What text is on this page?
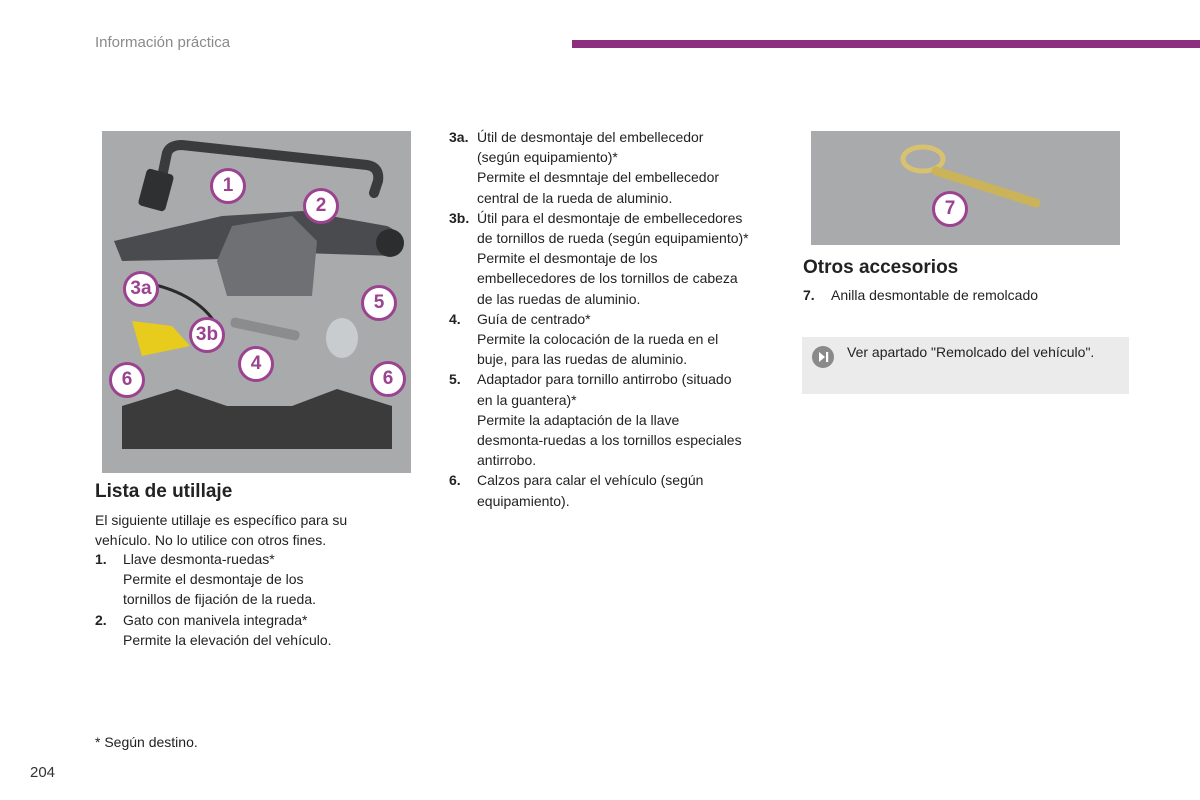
Información práctica
1
2
3a
5
3b
4
6	6
7
Lista de utillaje
El siguiente utillaje es específico para su vehículo. No lo utilice con otros fines.
1.	Llave desmonta-ruedas*
Permite el desmontaje de los
tornillos de fijación de la rueda.
2.	Gato con manivela integrada*
Permite la elevación del vehículo.
3a. Útil de desmontaje del embellecedor
(según equipamiento)*
Permite el desmntaje del embellecedor
central de la rueda de aluminio.
3b. Útil para el desmontaje de embellecedores
de tornillos de rueda (según equipamiento)*
Permite el desmontaje de los
embellecedores de los tornillos de cabeza
de las ruedas de aluminio.
4.	Guía de centrado*
Permite la colocación de la rueda en el
buje, para las ruedas de aluminio.
5.	Adaptador para tornillo antirrobo (situado
en la guantera)*
Permite la adaptación de la llave
desmonta-ruedas a los tornillos especiales
antirrobo.
6.	Calzos para calar el vehículo (según
equipamiento).
Otros accesorios
7.	Anilla desmontable de remolcado
Ver apartado "Remolcado del vehículo".
* Según destino.
204
